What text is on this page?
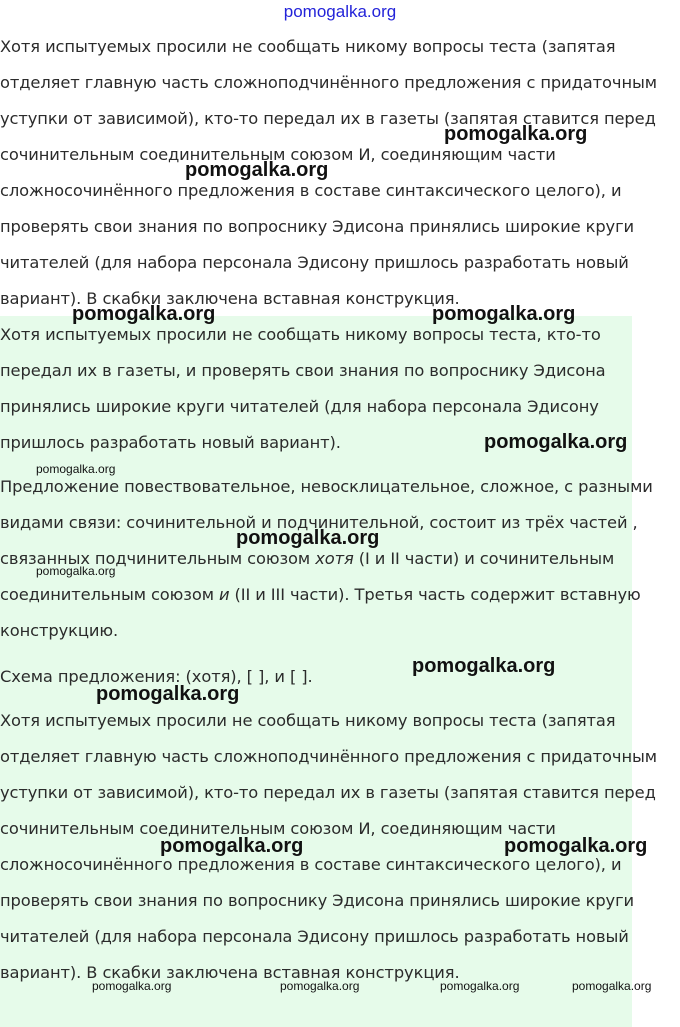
pomogalka.org

Хотя испытуемых просили не сообщать никому вопросы теста (запятая отделяет главную часть сложноподчинённого предложения с придаточным уступки от зависимой), кто-то передал их в газеты (запятая ставится перед сочинительным соединительным союзом И, соединяющим части сложносочинённого предложения в составе синтаксического целого), и проверять свои знания по вопроснику Эдисона принялись широкие круги читателей (для набора персонала Эдисону пришлось разработать новый вариант). В скабки заключена вставная конструкция.

Хотя испытуемых просили не сообщать никому вопросы теста, кто-то передал их в газеты, и проверять свои знания по вопроснику Эдисона принялись широкие круги читателей (для набора персонала Эдисону пришлось разработать новый вариант).

Предложение повествовательное, невосклицательное, сложное, с разными видами связи: сочинительной и подчинительной, состоит из трёх частей , связанных подчинительным союзом хотя (I и II части) и сочинительным соединительным союзом и (II и III части). Третья часть содержит вставную конструкцию.

Схема предложения: (хотя), [ ], и [ ].

Хотя испытуемых просили не сообщать никому вопросы теста (запятая отделяет главную часть сложноподчинённого предложения с придаточным уступки от зависимой), кто-то передал их в газеты (запятая ставится перед сочинительным соединительным союзом И, соединяющим части сложносочинённого предложения в составе синтаксического целого), и проверять свои знания по вопроснику Эдисона принялись широкие круги читателей (для набора персонала Эдисону пришлось разработать новый вариант). В скабки заключена вставная конструкция.

pomogalka.org
pomogalka.org
pomogalka.org	pomogalka.org
pomogalka.org
pomogalka.org
pomogalka.org
pomogalka.org
pomogalka.org
pomogalka.org
pomogalka.org	pomogalka.org
pomogalka.org	pomogalka.org	pomogalka.org	pomogalka.org
